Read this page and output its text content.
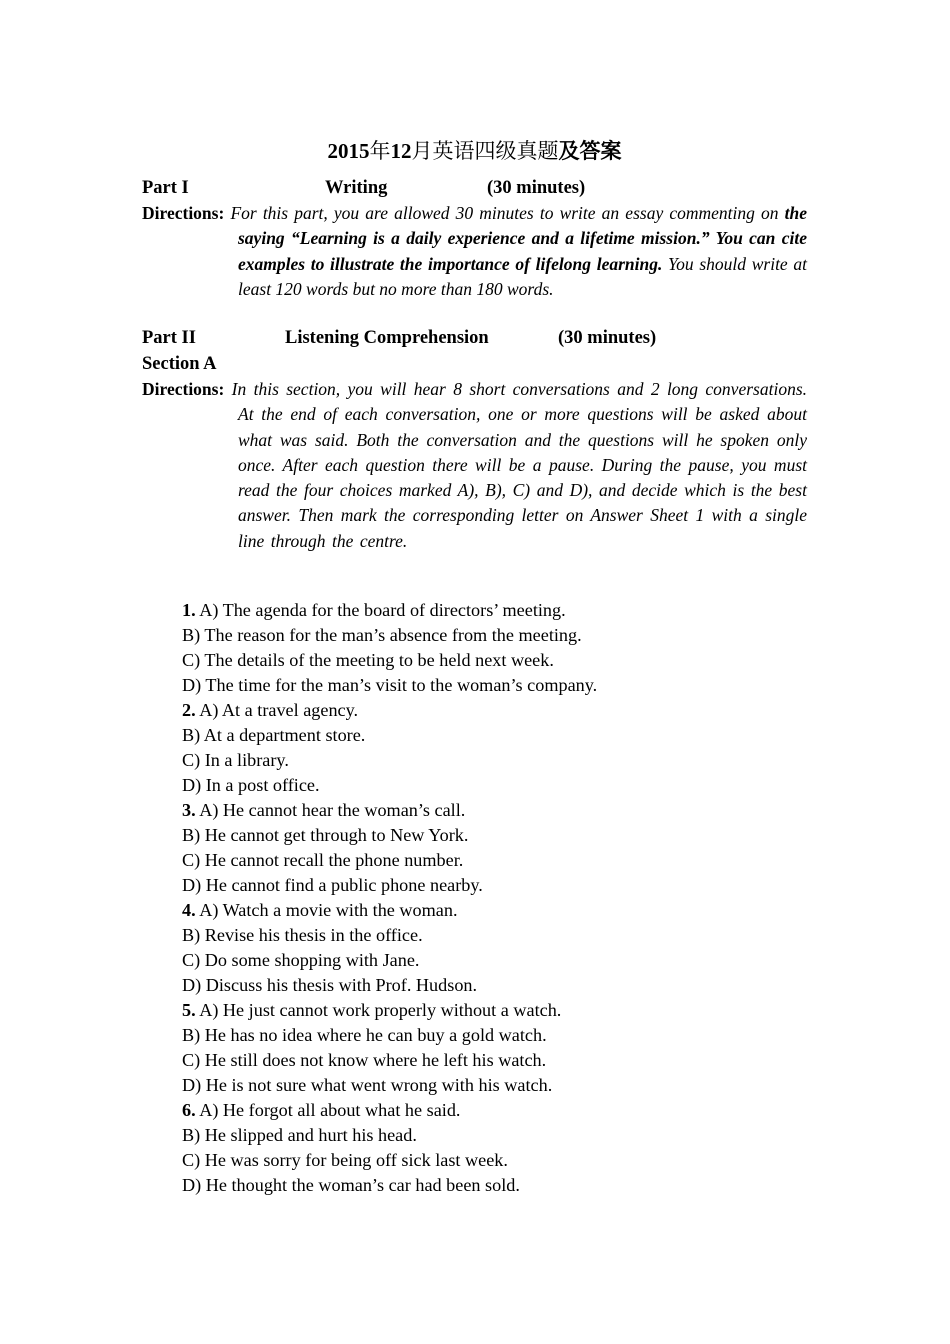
2015年12月英语四级真题及答案
Part I	Writing	(30 minutes)
Directions: For this part, you are allowed 30 minutes to write an essay commenting on the saying “Learning is a daily experience and a lifetime mission.” You can cite examples to illustrate the importance of lifelong learning. You should write at least 120 words but no more than 180 words.
Part II	Listening Comprehension	(30 minutes)
Section A
Directions: In this section, you will hear 8 short conversations and 2 long conversations. At the end of each conversation, one or more questions will be asked about what was said. Both the conversation and the questions will he spoken only once. After each question there will be a pause. During the pause, you must read the four choices marked A), B), C) and D), and decide which is the best answer. Then mark the corresponding letter on Answer Sheet 1 with a single line through the centre.
1. A) The agenda for the board of directors’ meeting.
B) The reason for the man’s absence from the meeting.
C) The details of the meeting to be held next week.
D) The time for the man’s visit to the woman’s company.
2. A) At a travel agency.
B) At a department store.
C) In a library.
D) In a post office.
3. A) He cannot hear the woman’s call.
B) He cannot get through to New York.
C) He cannot recall the phone number.
D) He cannot find a public phone nearby.
4. A) Watch a movie with the woman.
B) Revise his thesis in the office.
C) Do some shopping with Jane.
D) Discuss his thesis with Prof. Hudson.
5. A) He just cannot work properly without a watch.
B) He has no idea where he can buy a gold watch.
C) He still does not know where he left his watch.
D) He is not sure what went wrong with his watch.
6. A) He forgot all about what he said.
B) He slipped and hurt his head.
C) He was sorry for being off sick last week.
D) He thought the woman’s car had been sold.
